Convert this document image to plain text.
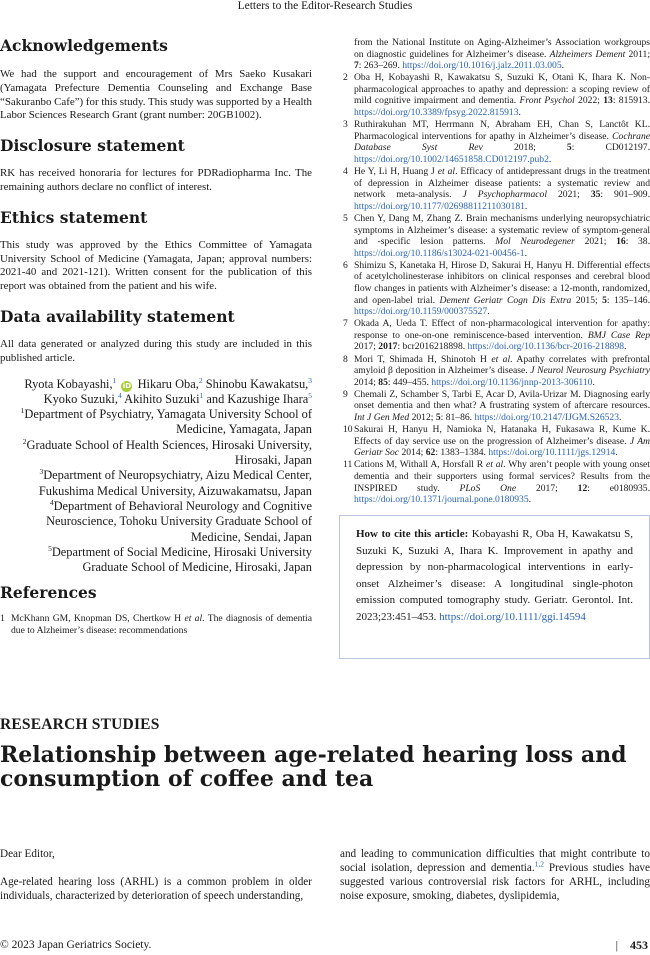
Letters to the Editor-Research Studies
Acknowledgements

We had the support and encouragement of Mrs Saeko Kusakari (Yamagata Prefecture Dementia Counseling and Exchange Base “Sakuranbo Cafe”) for this study. This study was supported by a Health Labor Sciences Research Grant (grant number: 20GB1002).

Disclosure statement

RK has received honoraria for lectures for PDRadiopharma Inc. The remaining authors declare no conflict of interest.

Ethics statement

This study was approved by the Ethics Committee of Yamagata University School of Medicine (Yamagata, Japan; approval numbers: 2021-40 and 2021-121). Written consent for the publication of this report was obtained from the patient and his wife.

Data availability statement

All data generated or analyzed during this study are included in this published article.

Ryota Kobayashi,$^1$ iD Hikaru Oba,$^2$ Shinobu Kawakatsu,$^3$
Kyoko Suzuki,$^4$ Akihito Suzuki$^1$ and Kazushige Ihara$^5$
$^1$Department of Psychiatry, Yamagata University School of Medicine, Yamagata, Japan
$^2$Graduate School of Health Sciences, Hirosaki University, Hirosaki, Japan
$^3$Department of Neuropsychiatry, Aizu Medical Center, Fukushima Medical University, Aizuwakamatsu, Japan
$^4$Department of Behavioral Neurology and Cognitive Neuroscience, Tohoku University Graduate School of Medicine, Sendai, Japan
$^5$Department of Social Medicine, Hirosaki University Graduate School of Medicine, Hirosaki, Japan
References
1 McKhann GM, Knopman DS, Chertkow H et al. The diagnosis of dementia due to Alzheimer’s disease: recommendations
from the National Institute on Aging-Alzheimer’s Association workgroups on diagnostic guidelines for Alzheimer’s disease. Alzheimers Dement 2011; 7: 263–269. https://doi.org/10.1016/j.jalz.2011.03.005.
2 Oba H, Kobayashi R, Kawakatsu S, Suzuki K, Otani K, Ihara K. Non-pharmacological approaches to apathy and depression: a scoping review of mild cognitive impairment and dementia. Front Psychol 2022; 13: 815913. https://doi.org/10.3389/fpsyg.2022.815913.
3 Ruthirakuhan MT, Herrmann N, Abraham EH, Chan S, Lanctôt KL. Pharmacological interventions for apathy in Alzheimer’s disease. Cochrane Database Syst Rev	2018;	5: CD012197. https://doi.org/10.1002/14651858.CD012197.pub2.
4 He Y, Li H, Huang J et al. Efficacy of antidepressant drugs in the treatment of depression in Alzheimer disease patients: a systematic review and network meta-analysis. J Psychopharmacol 2021; 35: 901–909. https://doi.org/10.1177/02698811211030181.
5 Chen Y, Dang M, Zhang Z. Brain mechanisms underlying neuropsychiatric symptoms in Alzheimer’s disease: a systematic review of symptom-general and -specific lesion patterns. Mol Neurodegener 2021; 16: 38. https://doi.org/10.1186/s13024-021-00456-1.
6 Shimizu S, Kanetaka H, Hirose D, Sakurai H, Hanyu H. Differential effects of acetylcholinesterase inhibitors on clinical responses and cerebral blood flow changes in patients with Alzheimer’s disease: a 12-month, randomized, and open-label trial. Dement Geriatr Cogn Dis Extra 2015; 5: 135–146. https://doi.org/10.1159/000375527.
7 Okada A, Ueda T. Effect of non-pharmacological intervention for apathy: response to one-on-one reminiscence-based intervention. BMJ Case Rep 2017; 2017: bcr2016218898. https://doi.org/10.1136/bcr-2016-218898.
8 Mori T, Shimada H, Shinotoh H et al. Apathy correlates with prefrontal amyloid β deposition in Alzheimer’s disease. J Neurol Neurosurg Psychiatry 2014; 85: 449–455. https://doi.org/10.1136/jnnp-2013-306110.
9 Chemali Z, Schamber S, Tarbi E, Acar D, Avila-Urizar M. Diagnosing early onset dementia and then what? A frustrating system of aftercare resources. Int J Gen Med 2012; 5: 81–86. https://doi.org/10.2147/IJGM.S26523.
10 Sakurai H, Hanyu H, Namioka N, Hatanaka H, Fukasawa R, Kume K. Effects of day service use on the progression of Alzheimer’s disease. J Am Geriatr Soc 2014; 62: 1383–1384. https://doi.org/10.1111/jgs.12914.
11 Cations M, Withall A, Horsfall R et al. Why aren’t people with young onset dementia and their supporters using formal services? Results from the INSPIRED study. PLoS One 2017; 12: e0180935. https://doi.org/10.1371/journal.pone.0180935.
How to cite this article: Kobayashi R, Oba H, Kawakatsu S, Suzuki K, Suzuki A, Ihara K. Improvement in apathy and depression by non-pharmacological interventions in early-onset Alzheimer’s disease: A longitudinal single-photon emission computed tomography study. Geriatr. Gerontol. Int. 2023;23:451–453. https://doi.org/10.1111/ggi.14594
RESEARCH STUDIES
Relationship between age-related hearing loss and consumption of coffee and tea

Dear Editor,

Age-related hearing loss (ARHL) is a common problem in older individuals, characterized by deterioration of speech understanding,

and leading to communication difficulties that might contribute to social isolation, depression and dementia.$^{1,2}$ Previous studies have suggested various controversial risk factors for ARHL, including noise exposure, smoking, diabetes, dyslipidemia,

© 2023 Japan Geriatrics Society.	| 453
